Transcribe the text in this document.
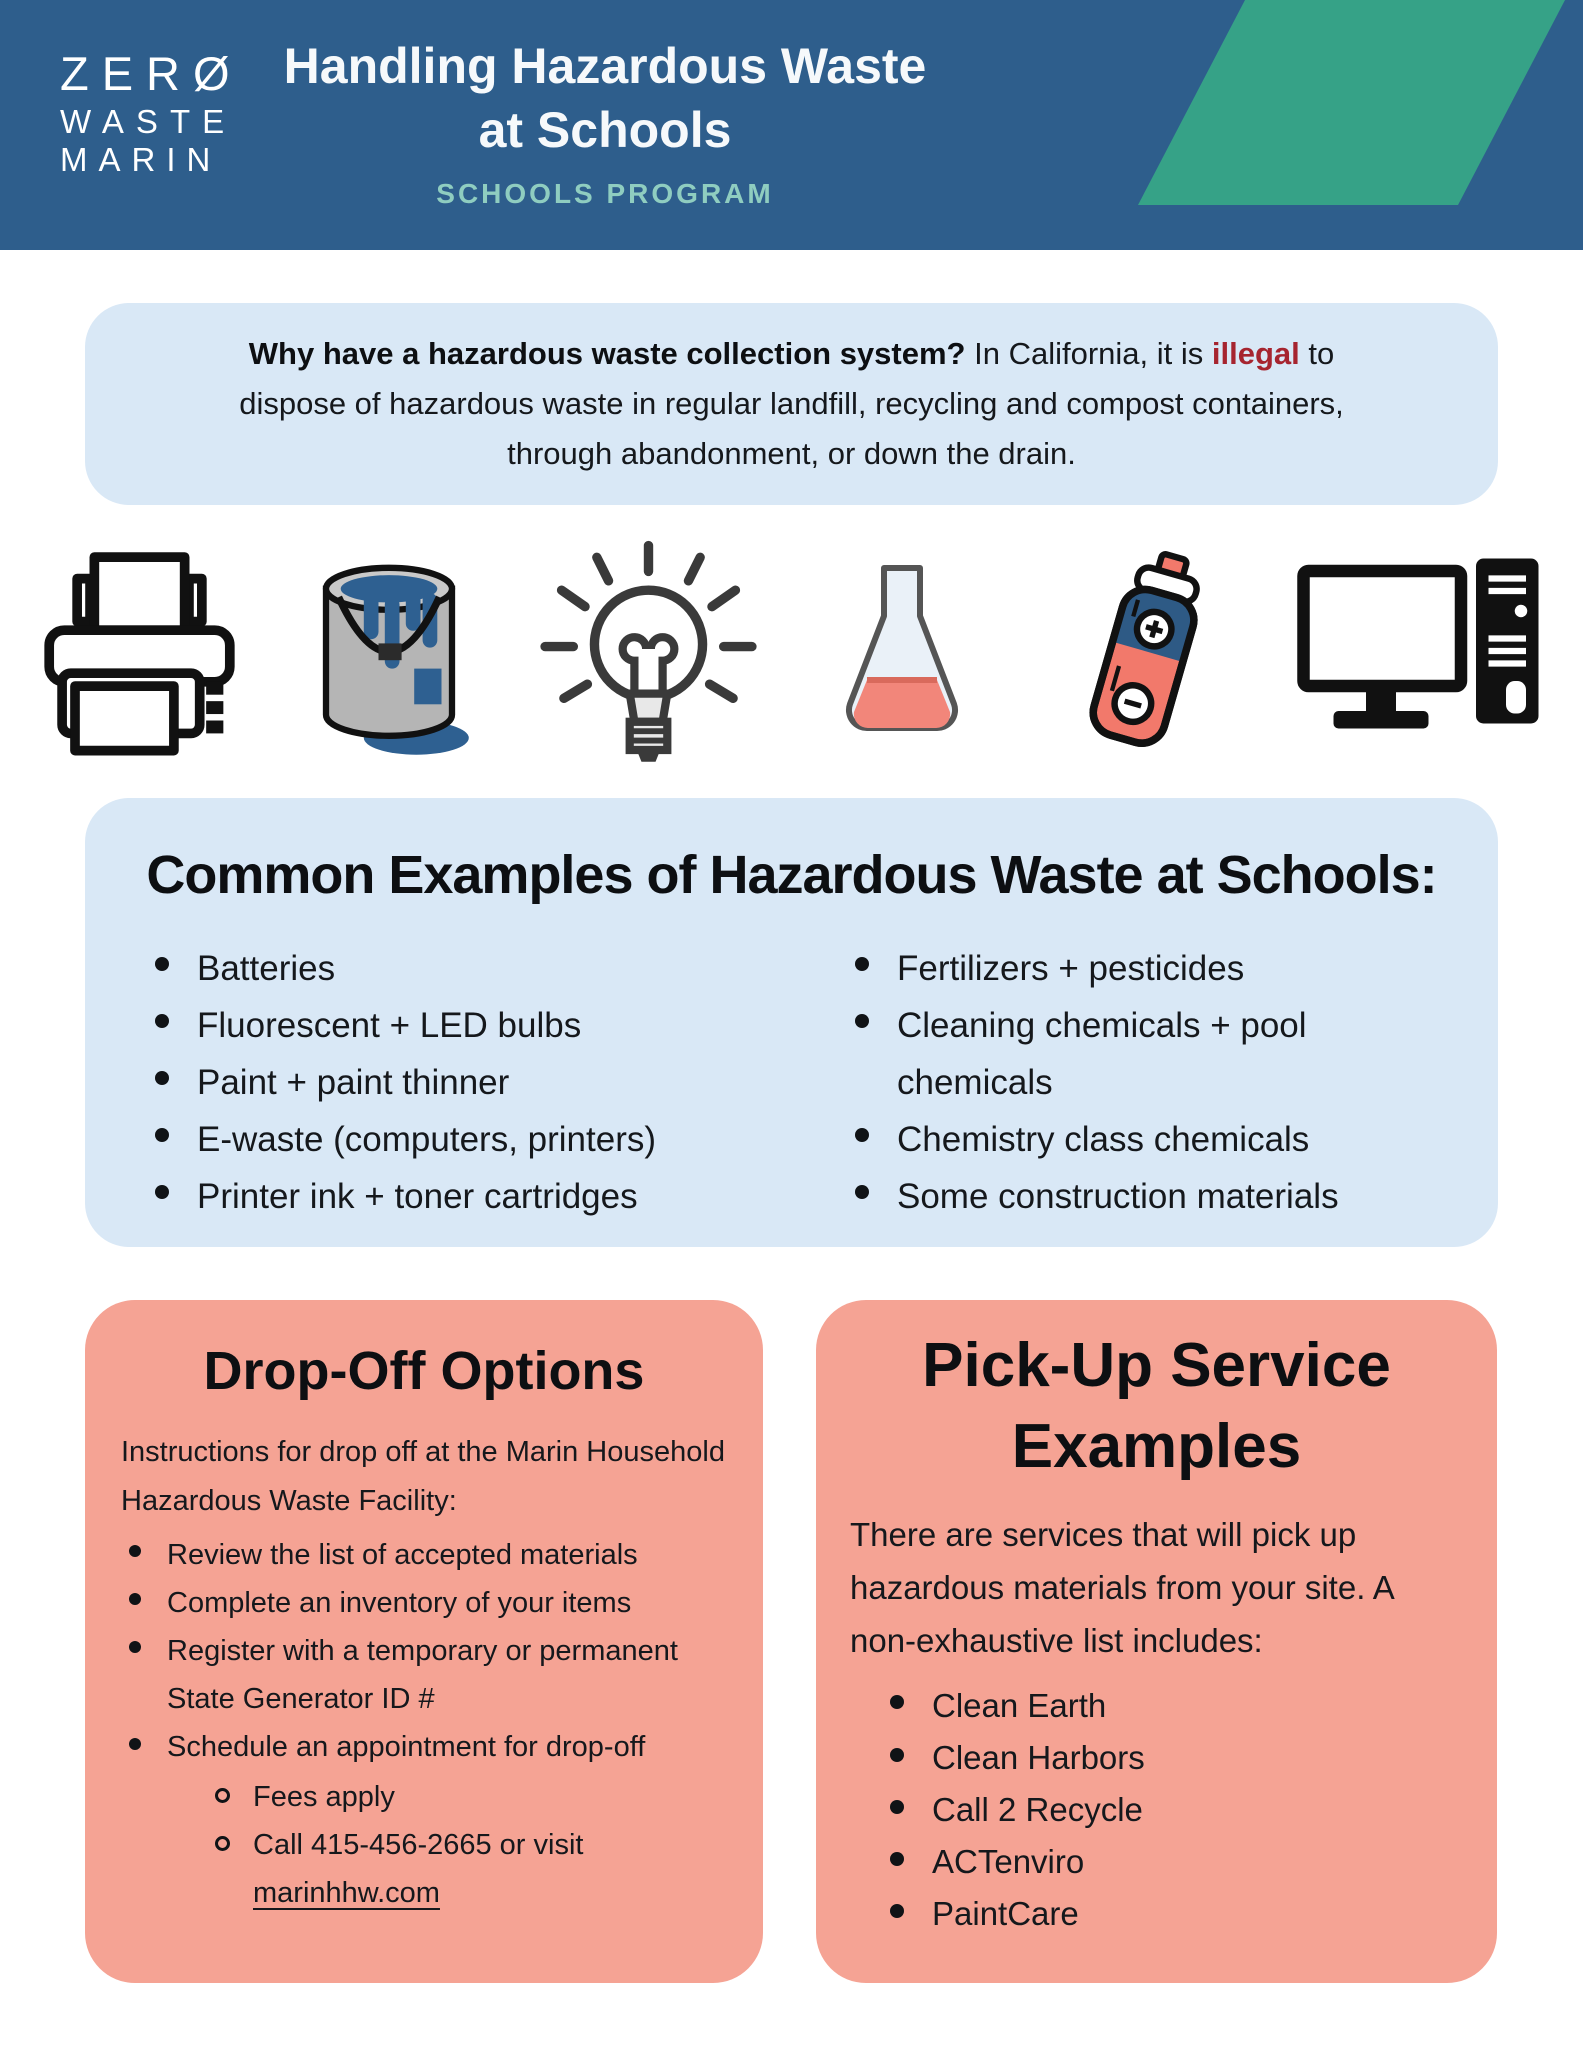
ZERØ
WASTE
MARIN
Handling Hazardous Waste
at Schools
SCHOOLS PROGRAM
Why have a hazardous waste collection system? In California, it is illegal to dispose of hazardous waste in regular landfill, recycling and compost containers, through abandonment, or down the drain.
Common Examples of Hazardous Waste at Schools:
Batteries
Fluorescent + LED bulbs
Paint + paint thinner
E-waste (computers, printers)
Printer ink + toner cartridges
Fertilizers + pesticides
Cleaning chemicals + pool chemicals
Chemistry class chemicals
Some construction materials
Drop-Off Options
Instructions for drop off at the Marin Household Hazardous Waste Facility:
Review the list of accepted materials
Complete an inventory of your items
Register with a temporary or permanent State Generator ID #
Schedule an appointment for drop-off
Fees apply
Call 415-456-2665 or visit marinhhw.com
Pick-Up Service
Examples
There are services that will pick up hazardous materials from your site. A non-exhaustive list includes:
Clean Earth
Clean Harbors
Call 2 Recycle
ACTenviro
PaintCare
